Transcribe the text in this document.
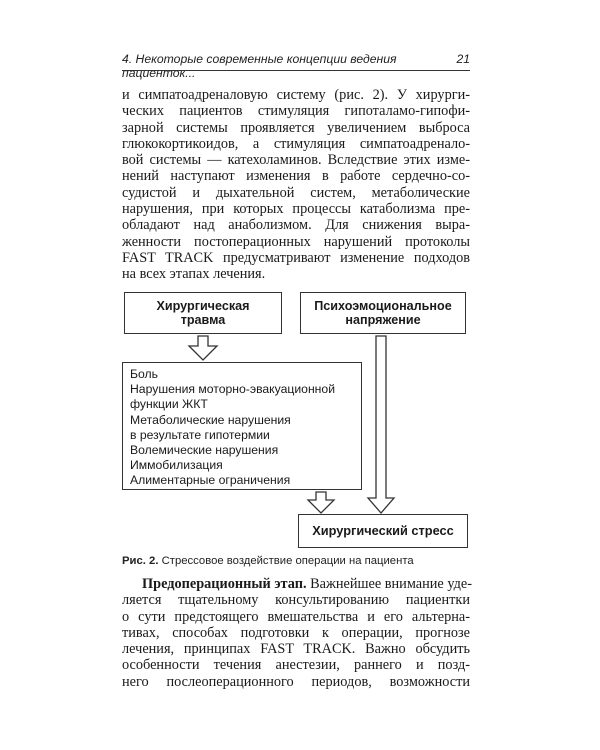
4. Некоторые современные концепции ведения пациенток...
21
и симпатоадреналовую систему (рис. 2). У хирурги-
ческих пациентов стимуляция гипоталамо-гипофи-
зарной системы проявляется увеличением выброса
глюкокортикоидов, а стимуляция симпатоадренало-
вой системы — катехоламинов. Вследствие этих изме-
нений наступают изменения в работе сердечно-со-
судистой и дыхательной систем, метаболические
нарушения, при которых процессы катаболизма пре-
обладают над анаболизмом. Для снижения выра-
женности постоперационных нарушений протоколы
FAST TRACK предусматривают изменение подходов
на всех этапах лечения.
Хирургическая
травма
Психоэмоциональное
напряжение
Боль
Нарушения моторно-эвакуационной
функции ЖКТ
Метаболические нарушения
в результате гипотермии
Волемические нарушения
Иммобилизация
Алиментарные ограничения
Хирургический стресс
Рис. 2. Стрессовое воздействие операции на пациента
Предоперационный этап. Важнейшее внимание уде-
ляется тщательному консультированию пациентки
о сути предстоящего вмешательства и его альтерна-
тивах, способах подготовки к операции, прогнозе
лечения, принципах FAST TRACK. Важно обсудить
особенности течения анестезии, раннего и позд-
него послеоперационного периодов, возможности
